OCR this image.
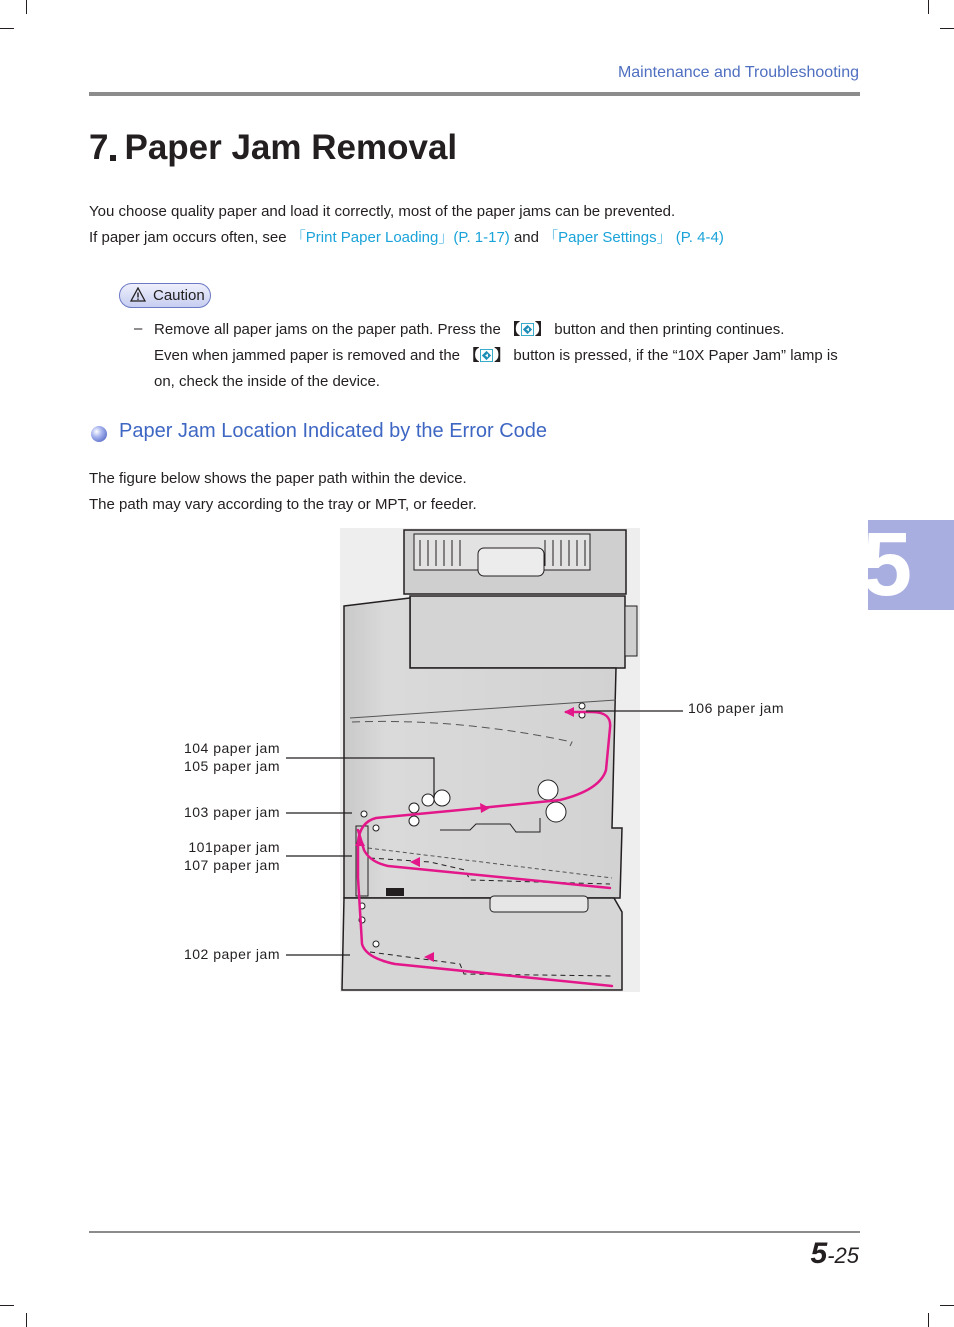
Maintenance and Troubleshooting
7 Paper Jam Removal
You choose quality paper and load it correctly, most of the paper jams can be prevented.
If paper jam occurs often, see 「Print Paper Loading」(P. 1-17) and 「Paper Settings」 (P. 4-4)
Caution
– Remove all paper jams on the paper path. Press the 【 】 button and then printing continues.
Even when jammed paper is removed and the 【 】 button is pressed, if the “10X Paper Jam” lamp is
on, check the inside of the device.
Paper Jam Location Indicated by the Error Code
The figure below shows the paper path within the device.
The path may vary according to the tray or MPT, or feeder.
106 paper jam
104 paper jam
105 paper jam
103 paper jam
101paper jam
107 paper jam
102 paper jam
5
5-25
